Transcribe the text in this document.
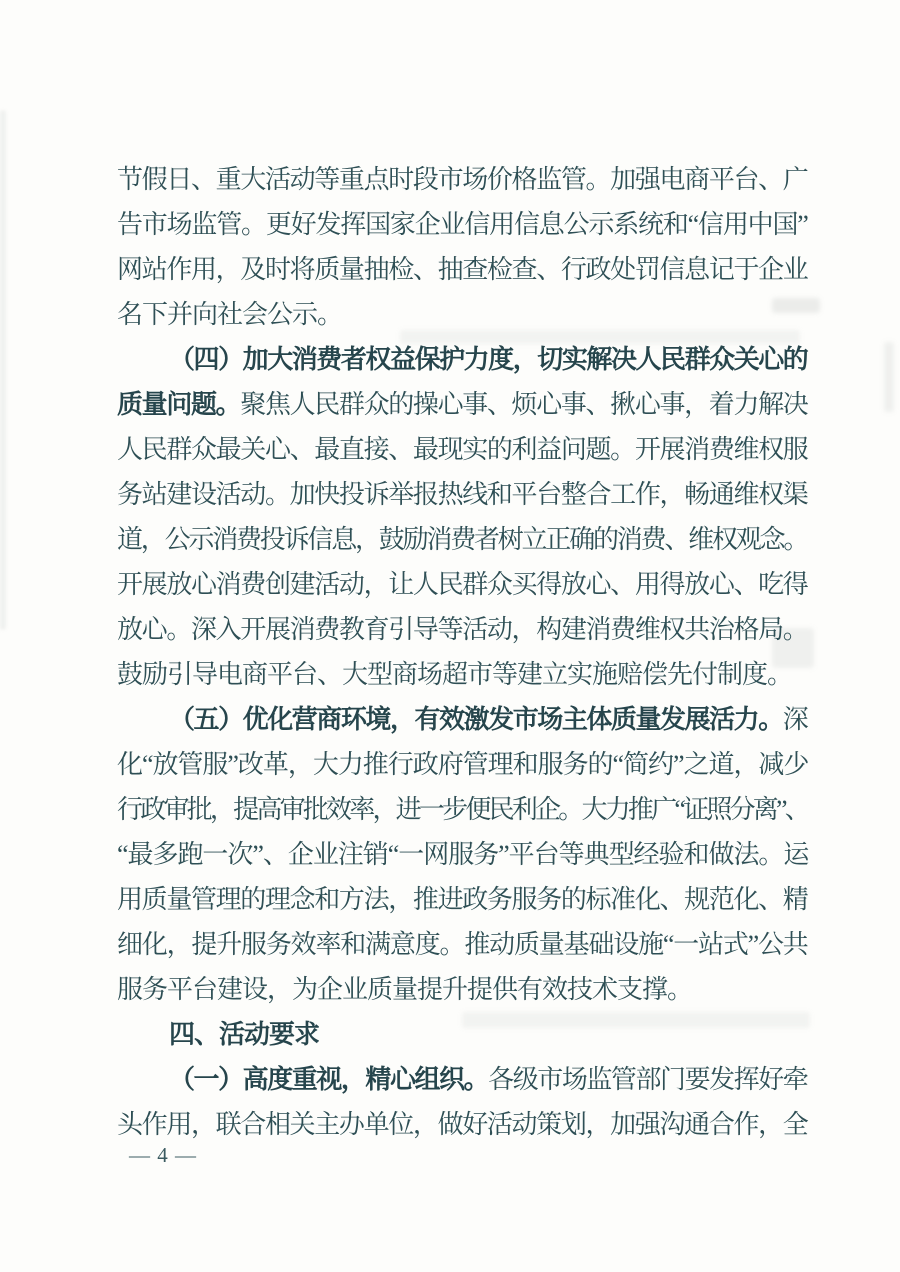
节假日、重大活动等重点时段市场价格监管。加强电商平台、广
告市场监管。更好发挥国家企业信用信息公示系统和“信用中国”
网站作用，及时将质量抽检、抽查检查、行政处罚信息记于企业
名下并向社会公示。
（四）加大消费者权益保护力度，切实解决人民群众关心的
质量问题。聚焦人民群众的操心事、烦心事、揪心事，着力解决
人民群众最关心、最直接、最现实的利益问题。开展消费维权服
务站建设活动。加快投诉举报热线和平台整合工作，畅通维权渠
道，公示消费投诉信息，鼓励消费者树立正确的消费、维权观念。
开展放心消费创建活动，让人民群众买得放心、用得放心、吃得
放心。深入开展消费教育引导等活动，构建消费维权共治格局。
鼓励引导电商平台、大型商场超市等建立实施赔偿先付制度。
（五）优化营商环境，有效激发市场主体质量发展活力。深
化“放管服”改革，大力推行政府管理和服务的“简约”之道，减少
行政审批，提高审批效率，进一步便民利企。大力推广“证照分离”、
“最多跑一次”、企业注销“一网服务”平台等典型经验和做法。运
用质量管理的理念和方法，推进政务服务的标准化、规范化、精
细化，提升服务效率和满意度。推动质量基础设施“一站式”公共
服务平台建设，为企业质量提升提供有效技术支撑。
四、活动要求
（一）高度重视，精心组织。各级市场监管部门要发挥好牵
头作用，联合相关主办单位，做好活动策划，加强沟通合作，全
— 4 —
